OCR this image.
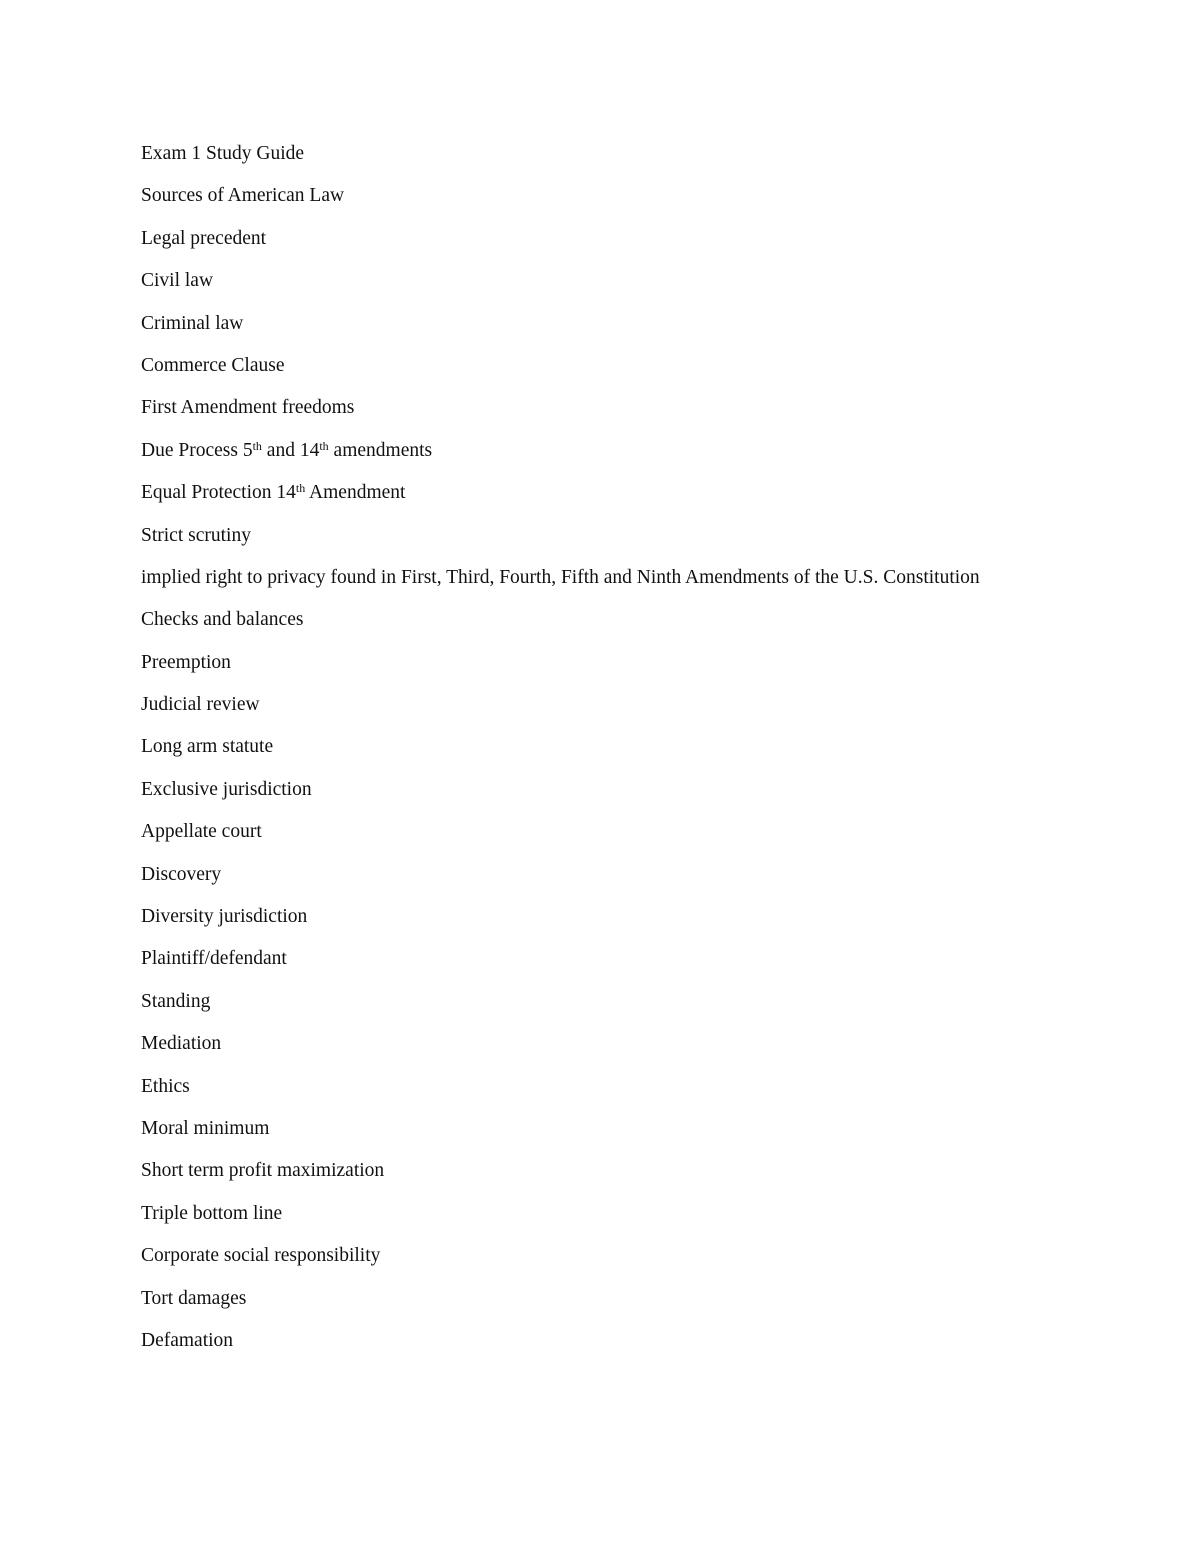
Exam 1 Study Guide
Sources of American Law
Legal precedent
Civil law
Criminal law
Commerce Clause
First Amendment freedoms
Due Process 5th and 14th amendments
Equal Protection 14th Amendment
Strict scrutiny
implied right to privacy found in First, Third, Fourth, Fifth and Ninth Amendments of the U.S. Constitution
Checks and balances
Preemption
Judicial review
Long arm statute
Exclusive jurisdiction
Appellate court
Discovery
Diversity jurisdiction
Plaintiff/defendant
Standing
Mediation
Ethics
Moral minimum
Short term profit maximization
Triple bottom line
Corporate social responsibility
Tort damages
Defamation
